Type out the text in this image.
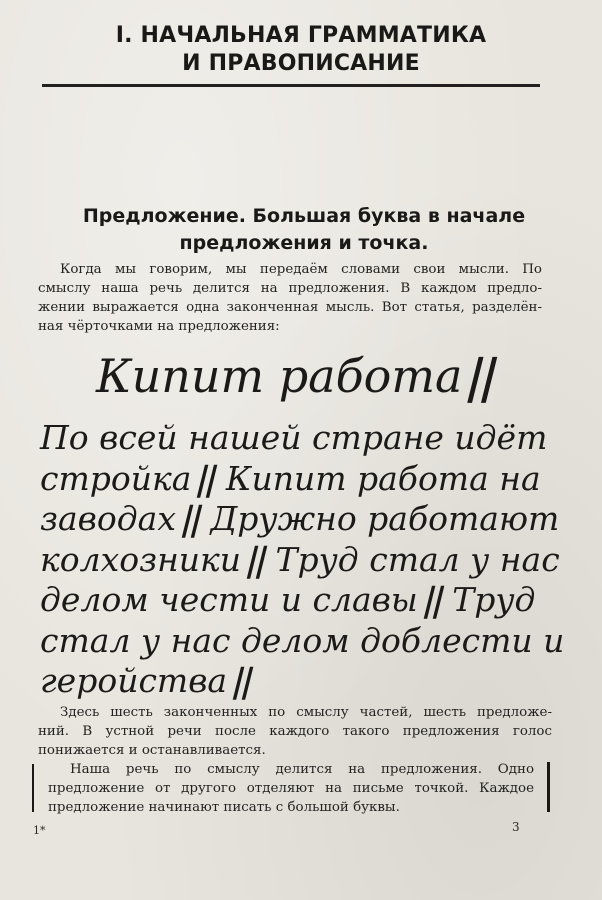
I. НАЧАЛЬНАЯ ГРАММАТИКА
И ПРАВОПИСАНИЕ
Предложение. Большая буква в начале
предложения и точка.
Когда мы говорим, мы передаём словами свои мысли. По
смыслу наша речь делится на предложения. В каждом предло-
жении выражается одна законченная мысль. Вот статья, разделён-
ная чёрточками на предложения:
Кипит работа||
По всей нашей стране идёт
стройка|| Кипит работа на
заводах|| Дружно работают
колхозники|| Труд стал у нас
делом чести и славы|| Труд
стал у нас делом доблести и
геройства||
Здесь шесть законченных по смыслу частей, шесть предложе-
ний. В устной речи после каждого такого предложения голос
понижается и останавливается.
Наша речь по смыслу делится на предложения. Одно
предложение от другого отделяют на письме точкой. Каждое
предложение начинают писать с большой буквы.
1*	3
